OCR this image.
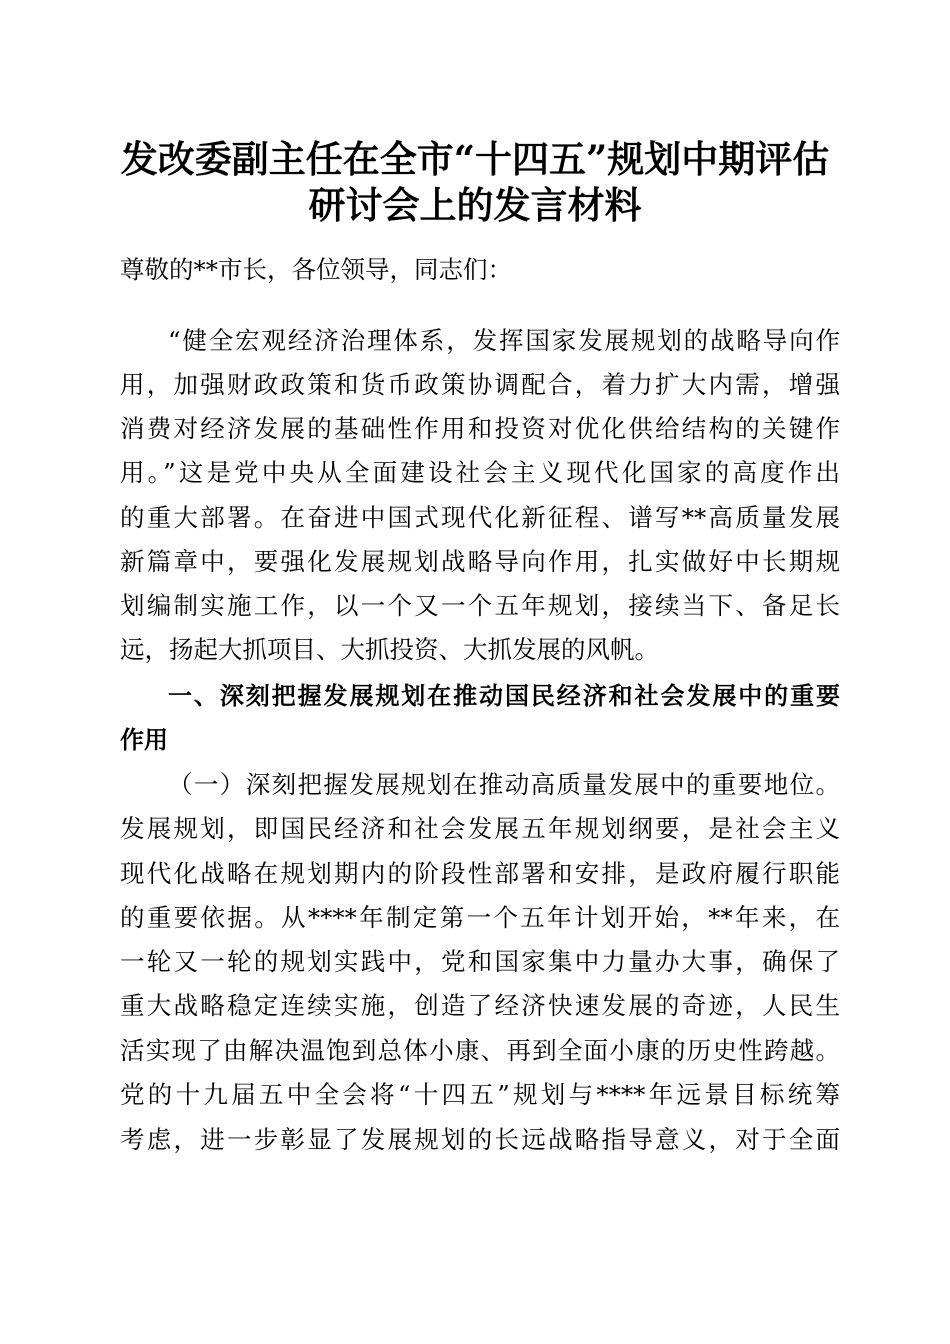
发改委副主任在全市“十四五”规划中期评估
研讨会上的发言材料
尊敬的**市长，各位领导，同志们：
“健全宏观经济治理体系，发挥国家发展规划的战略导向作
用，加强财政政策和货币政策协调配合，着力扩大内需，增强
消费对经济发展的基础性作用和投资对优化供给结构的关键作
用。”这是党中央从全面建设社会主义现代化国家的高度作出
的重大部署。在奋进中国式现代化新征程、谱写**高质量发展
新篇章中，要强化发展规划战略导向作用，扎实做好中长期规
划编制实施工作，以一个又一个五年规划，接续当下、备足长
远，扬起大抓项目、大抓投资、大抓发展的风帆。
一、深刻把握发展规划在推动国民经济和社会发展中的重要
作用
（一）深刻把握发展规划在推动高质量发展中的重要地位。
发展规划，即国民经济和社会发展五年规划纲要，是社会主义
现代化战略在规划期内的阶段性部署和安排，是政府履行职能
的重要依据。从****年制定第一个五年计划开始，**年来，在
一轮又一轮的规划实践中，党和国家集中力量办大事，确保了
重大战略稳定连续实施，创造了经济快速发展的奇迹，人民生
活实现了由解决温饱到总体小康、再到全面小康的历史性跨越。
党的十九届五中全会将“十四五”规划与****年远景目标统筹
考虑，进一步彰显了发展规划的长远战略指导意义，对于全面
